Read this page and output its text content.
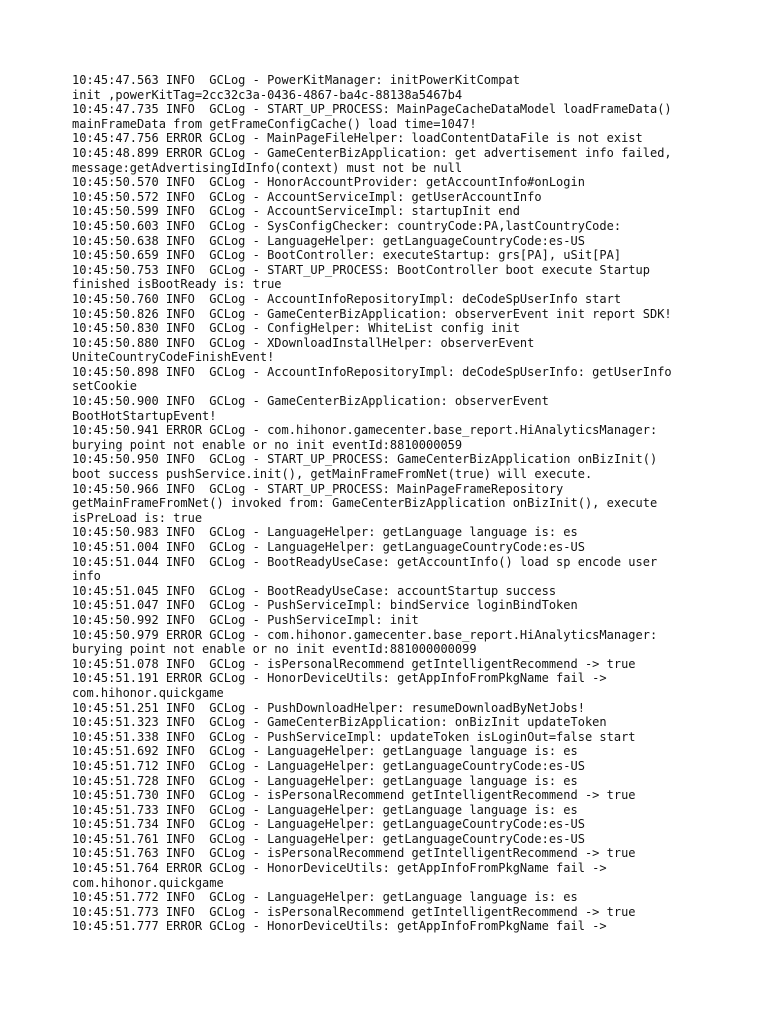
10:45:47.563 INFO  GCLog - PowerKitManager: initPowerKitCompat
init ,powerKitTag=2cc32c3a-0436-4867-ba4c-88138a5467b4
10:45:47.735 INFO  GCLog - START_UP_PROCESS: MainPageCacheDataModel loadFrameData()
mainFrameData from getFrameConfigCache() load time=1047!
10:45:47.756 ERROR GCLog - MainPageFileHelper: loadContentDataFile is not exist
10:45:48.899 ERROR GCLog - GameCenterBizApplication: get advertisement info failed,
message:getAdvertisingIdInfo(context) must not be null
10:45:50.570 INFO  GCLog - HonorAccountProvider: getAccountInfo#onLogin
10:45:50.572 INFO  GCLog - AccountServiceImpl: getUserAccountInfo
10:45:50.599 INFO  GCLog - AccountServiceImpl: startupInit end
10:45:50.603 INFO  GCLog - SysConfigChecker: countryCode:PA,lastCountryCode:
10:45:50.638 INFO  GCLog - LanguageHelper: getLanguageCountryCode:es-US
10:45:50.659 INFO  GCLog - BootController: executeStartup: grs[PA], uSit[PA]
10:45:50.753 INFO  GCLog - START_UP_PROCESS: BootController boot execute Startup
finished isBootReady is: true
10:45:50.760 INFO  GCLog - AccountInfoRepositoryImpl: deCodeSpUserInfo start
10:45:50.826 INFO  GCLog - GameCenterBizApplication: observerEvent init report SDK!
10:45:50.830 INFO  GCLog - ConfigHelper: WhiteList config init
10:45:50.880 INFO  GCLog - XDownloadInstallHelper: observerEvent
UniteCountryCodeFinishEvent!
10:45:50.898 INFO  GCLog - AccountInfoRepositoryImpl: deCodeSpUserInfo: getUserInfo
setCookie
10:45:50.900 INFO  GCLog - GameCenterBizApplication: observerEvent
BootHotStartupEvent!
10:45:50.941 ERROR GCLog - com.hihonor.gamecenter.base_report.HiAnalyticsManager:
burying point not enable or no init eventId:8810000059
10:45:50.950 INFO  GCLog - START_UP_PROCESS: GameCenterBizApplication onBizInit()
boot success pushService.init(), getMainFrameFromNet(true) will execute.
10:45:50.966 INFO  GCLog - START_UP_PROCESS: MainPageFrameRepository
getMainFrameFromNet() invoked from: GameCenterBizApplication onBizInit(), execute
isPreLoad is: true
10:45:50.983 INFO  GCLog - LanguageHelper: getLanguage language is: es
10:45:51.004 INFO  GCLog - LanguageHelper: getLanguageCountryCode:es-US
10:45:51.044 INFO  GCLog - BootReadyUseCase: getAccountInfo() load sp encode user
info
10:45:51.045 INFO  GCLog - BootReadyUseCase: accountStartup success
10:45:51.047 INFO  GCLog - PushServiceImpl: bindService loginBindToken
10:45:50.992 INFO  GCLog - PushServiceImpl: init
10:45:50.979 ERROR GCLog - com.hihonor.gamecenter.base_report.HiAnalyticsManager:
burying point not enable or no init eventId:881000000099
10:45:51.078 INFO  GCLog - isPersonalRecommend getIntelligentRecommend -> true
10:45:51.191 ERROR GCLog - HonorDeviceUtils: getAppInfoFromPkgName fail ->
com.hihonor.quickgame
10:45:51.251 INFO  GCLog - PushDownloadHelper: resumeDownloadByNetJobs!
10:45:51.323 INFO  GCLog - GameCenterBizApplication: onBizInit updateToken
10:45:51.338 INFO  GCLog - PushServiceImpl: updateToken isLoginOut=false start
10:45:51.692 INFO  GCLog - LanguageHelper: getLanguage language is: es
10:45:51.712 INFO  GCLog - LanguageHelper: getLanguageCountryCode:es-US
10:45:51.728 INFO  GCLog - LanguageHelper: getLanguage language is: es
10:45:51.730 INFO  GCLog - isPersonalRecommend getIntelligentRecommend -> true
10:45:51.733 INFO  GCLog - LanguageHelper: getLanguage language is: es
10:45:51.734 INFO  GCLog - LanguageHelper: getLanguageCountryCode:es-US
10:45:51.761 INFO  GCLog - LanguageHelper: getLanguageCountryCode:es-US
10:45:51.763 INFO  GCLog - isPersonalRecommend getIntelligentRecommend -> true
10:45:51.764 ERROR GCLog - HonorDeviceUtils: getAppInfoFromPkgName fail ->
com.hihonor.quickgame
10:45:51.772 INFO  GCLog - LanguageHelper: getLanguage language is: es
10:45:51.773 INFO  GCLog - isPersonalRecommend getIntelligentRecommend -> true
10:45:51.777 ERROR GCLog - HonorDeviceUtils: getAppInfoFromPkgName fail ->
